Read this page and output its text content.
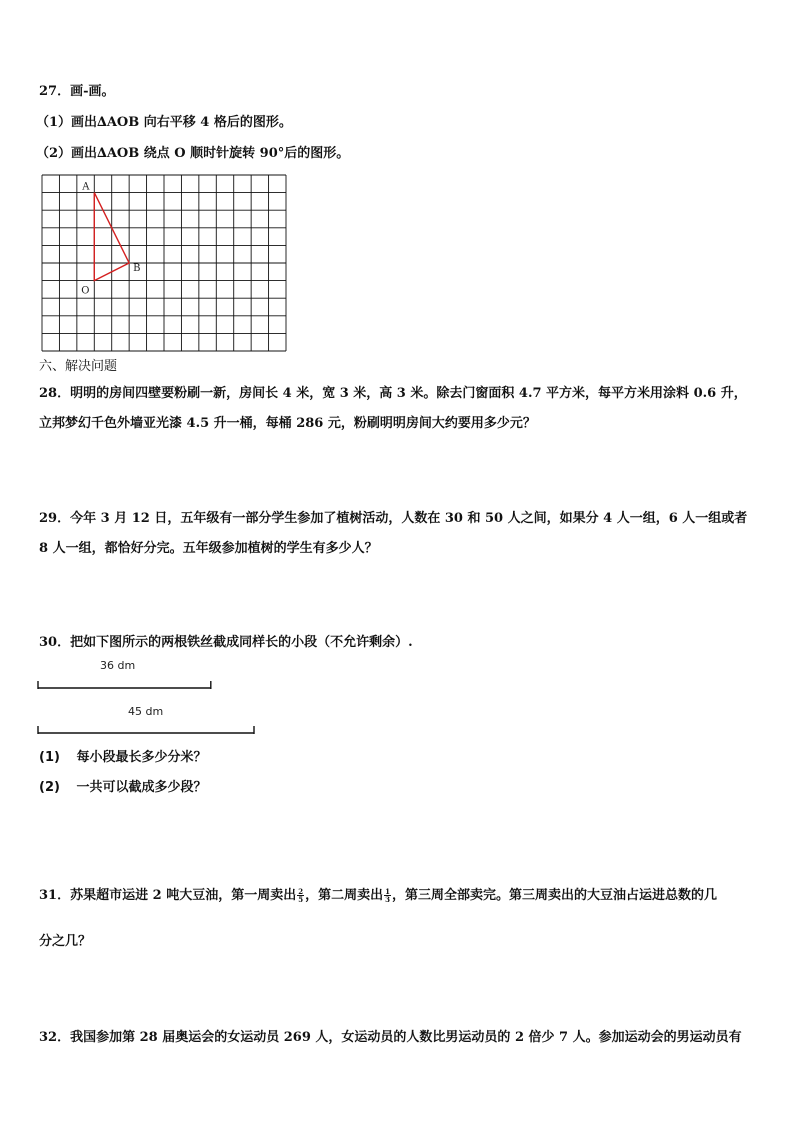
27．画-画。
（1）画出∆AOB 向右平移 4 格后的图形。
（2）画出∆AOB 绕点 O 顺时针旋转 90°后的图形。
A
O
B
六、解决问题
28．明明的房间四壁要粉刷一新，房间长 4 米，宽 3 米，高 3 米。除去门窗面积 4.7 平方米，每平方米用涂料 0.6 升，
立邦梦幻千色外墙亚光漆 4.5 升一桶，每桶 286 元，粉刷明明房间大约要用多少元？
29．今年 3 月 12 日，五年级有一部分学生参加了植树活动，人数在 30 和 50 人之间，如果分 4 人一组，6 人一组或者
8 人一组，都恰好分完。五年级参加植树的学生有多少人？
30．把如下图所示的两根铁丝截成同样长的小段（不允许剩余）.
36 dm
45 dm
(1) 每小段最长多少分米？
(2) 一共可以截成多少段？
31．苏果超市运进 2 吨大豆油，第一周卖出 $\frac{2}{5}$ ，第二周卖出 $\frac{1}{3}$ ，第三周全部卖完。第三周卖出的大豆油占运进总数的几
分之几？
32．我国参加第 28 届奥运会的女运动员 269 人，女运动员的人数比男运动员的 2 倍少 7 人。参加运动会的男运动员有
